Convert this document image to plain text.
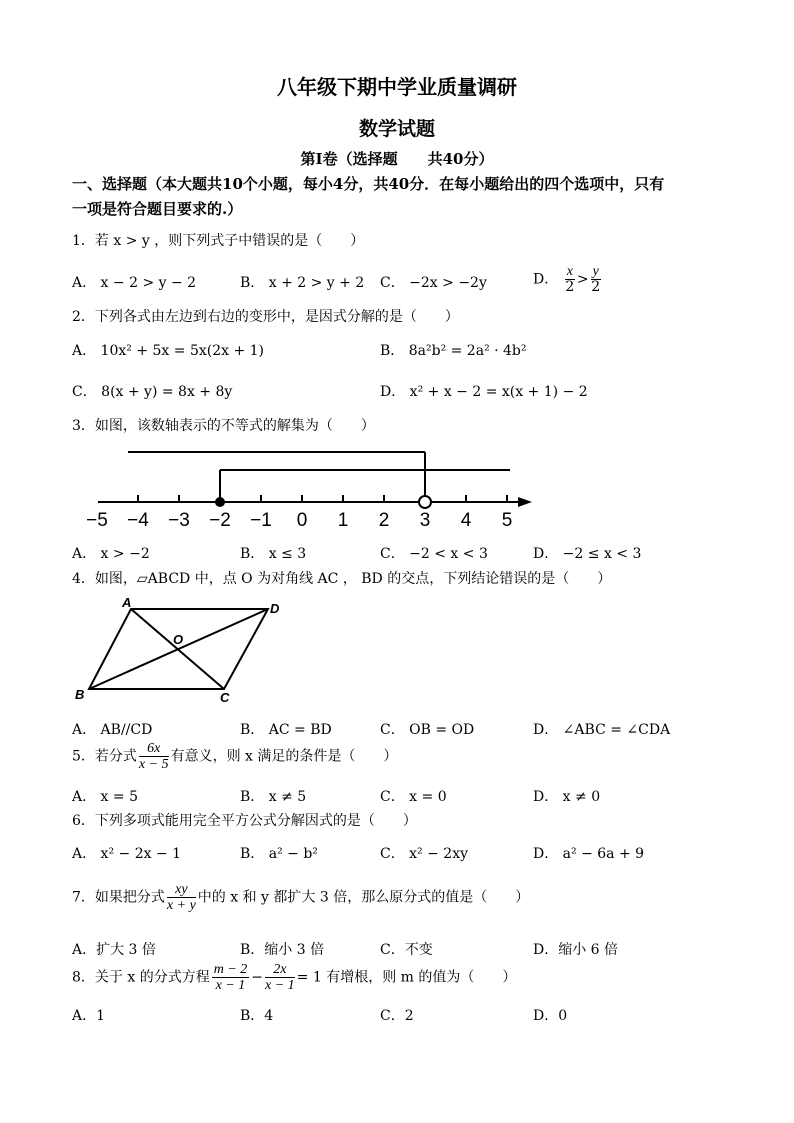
八年级下期中学业质量调研
数学试题
第Ⅰ卷（选择题　　共40分）
一、选择题（本大题共10个小题，每小4分，共40分．在每小题给出的四个选项中，只有
一项是符合题目要求的.）
1．若 x > y ，则下列式子中错误的是（　　）
A． x − 2 > y − 2	B． x + 2 > y + 2 C． −2x > −2y	D． $\frac{x}{2} > \frac{y}{2}$
2．下列各式由左边到右边的变形中，是因式分解的是（　　）
A． 10x² + 5x = 5x(2x + 1)	B． 8a²b² = 2a² · 4b²
C． 8(x + y) = 8x + 8y	D． x² + x − 2 = x(x + 1) − 2
3．如图，该数轴表示的不等式的解集为（　　）
−5 −4 −3 −2 −1 0 1 2 3 4 5
A． x > −2	B． x ≤ 3	C． −2 < x < 3	D． −2 ≤ x < 3
4．如图，▱ABCD 中，点 O 为对角线 AC ， BD 的交点，下列结论错误的是（　　）
A	D
B	C
O
A． AB//CD	B． AC = BD	C． OB = OD	D． ∠ABC = ∠CDA
5．若分式 $\frac{6x}{x - 5}$ 有意义，则 x 满足的条件是（　　）
A． x = 5	B． x ≠ 5	C． x = 0	D． x ≠ 0
6．下列多项式能用完全平方公式分解因式的是（　　）
A． x² − 2x − 1	B． a² − b²	C． x² − 2xy	D． a² − 6a + 9
7．如果把分式 $\frac{xy}{x + y}$ 中的 x 和 y 都扩大 3 倍，那么原分式的值是（　　）
A．扩大 3 倍	B．缩小 3 倍	C．不变	D．缩小 6 倍
8．关于 x 的分式方程 $\frac{m - 2}{x - 1} - \frac{2x}{x - 1} = 1$ 有增根，则 m 的值为（　　）
A．1	B．4	C．2	D．0
